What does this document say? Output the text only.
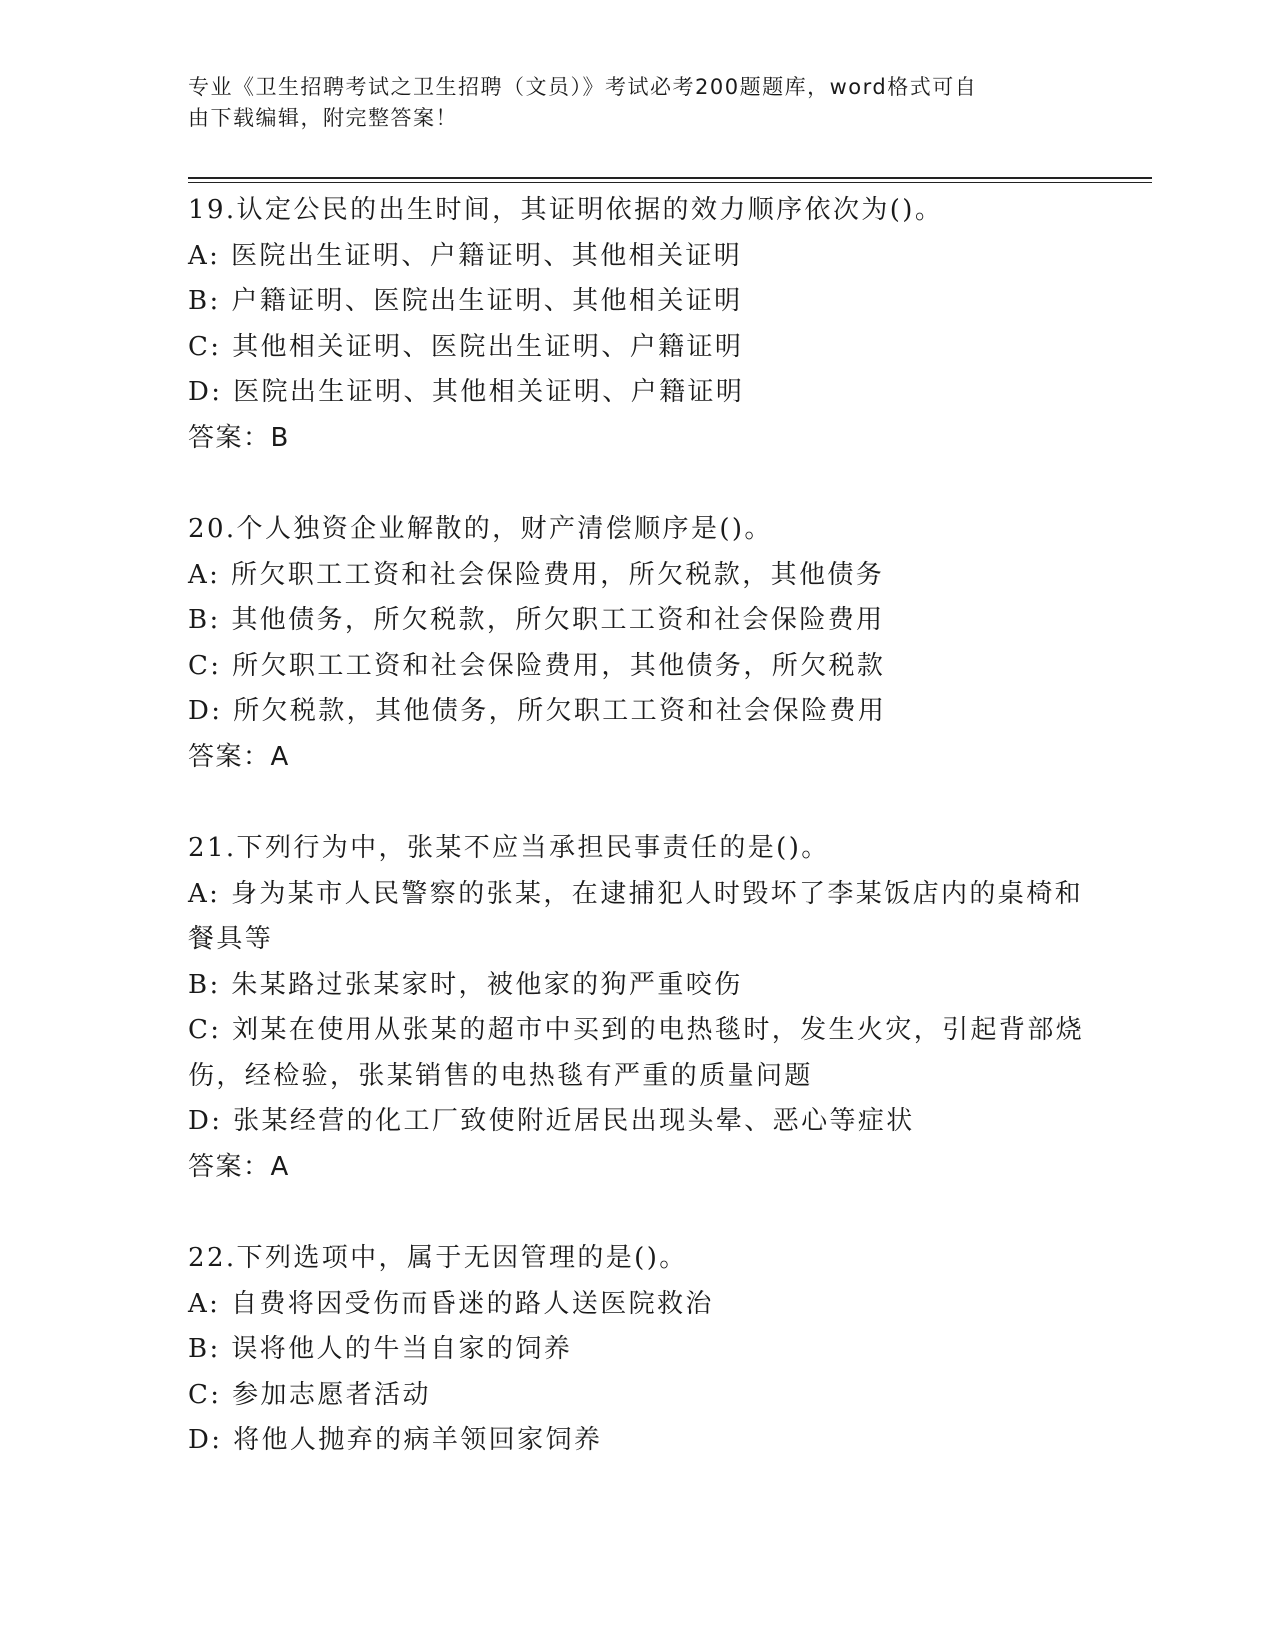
专业《卫生招聘考试之卫生招聘（文员）》考试必考200题题库，word格式可自
由下载编辑，附完整答案！
19.认定公民的出生时间，其证明依据的效力顺序依次为()。
A: 医院出生证明、户籍证明、其他相关证明
B: 户籍证明、医院出生证明、其他相关证明
C: 其他相关证明、医院出生证明、户籍证明
D: 医院出生证明、其他相关证明、户籍证明
答案：B
20.个人独资企业解散的，财产清偿顺序是()。
A: 所欠职工工资和社会保险费用，所欠税款，其他债务
B: 其他债务，所欠税款，所欠职工工资和社会保险费用
C: 所欠职工工资和社会保险费用，其他债务，所欠税款
D: 所欠税款，其他债务，所欠职工工资和社会保险费用
答案：A
21.下列行为中，张某不应当承担民事责任的是()。
A: 身为某市人民警察的张某，在逮捕犯人时毁坏了李某饭店内的桌椅和餐具等
B: 朱某路过张某家时，被他家的狗严重咬伤
C: 刘某在使用从张某的超市中买到的电热毯时，发生火灾，引起背部烧伤，经检验，张某销售的电热毯有严重的质量问题
D: 张某经营的化工厂致使附近居民出现头晕、恶心等症状
答案：A
22.下列选项中，属于无因管理的是()。
A: 自费将因受伤而昏迷的路人送医院救治
B: 误将他人的牛当自家的饲养
C: 参加志愿者活动
D: 将他人抛弃的病羊领回家饲养
